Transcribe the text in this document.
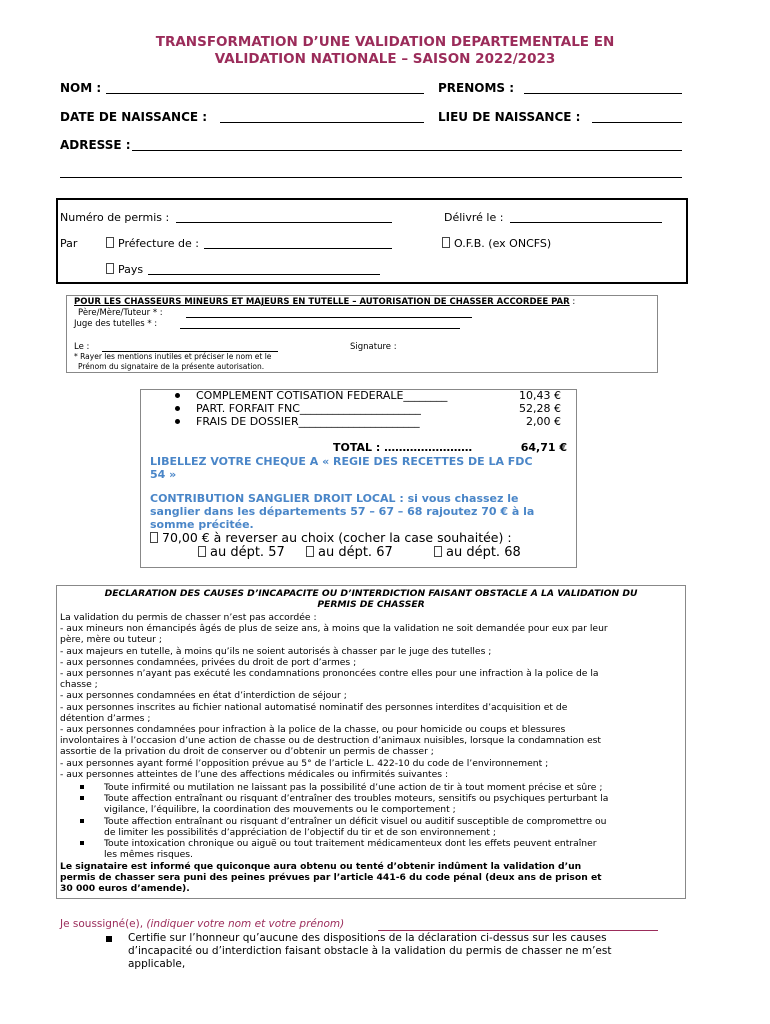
TRANSFORMATION D’UNE VALIDATION DEPARTEMENTALE EN
VALIDATION NATIONALE – SAISON 2022/2023
NOM :	PRENOMS :
DATE DE NAISSANCE :	LIEU DE NAISSANCE :
ADRESSE :
Numéro de permis :	Délivré le :
Par	Préfecture de :	O.F.B. (ex ONCFS)
Pays
POUR LES CHASSEURS MINEURS ET MAJEURS EN TUTELLE – AUTORISATION DE CHASSER ACCORDEE PAR :
Père/Mère/Tuteur * :
Juge des tutelles * :
Le :	Signature :
* Rayer les mentions inutiles et préciser le nom et le
Prénom du signataire de la présente autorisation.
COMPLEMENT COTISATION FEDERALE________	10,43 €
PART. FORFAIT FNC______________________	52,28 €
FRAIS DE DOSSIER______________________	2,00 €
TOTAL : ……………………	64,71 €
LIBELLEZ VOTRE CHEQUE A « REGIE DES RECETTES DE LA FDC
54 »
CONTRIBUTION SANGLIER DROIT LOCAL : si vous chassez le
sanglier dans les départements 57 – 67 – 68 rajoutez 70 € à la
somme précitée.
70,00 € à reverser au choix (cocher la case souhaitée) :
au dépt. 57	au dépt. 67	au dépt. 68
DECLARATION DES CAUSES D’INCAPACITE OU D’INTERDICTION FAISANT OBSTACLE A LA VALIDATION DU
PERMIS DE CHASSER

La validation du permis de chasser n’est pas accordée :

- aux mineurs non émancipés âgés de plus de seize ans, à moins que la validation ne soit demandée pour eux par leur

père, mère ou tuteur ;

- aux majeurs en tutelle, à moins qu’ils ne soient autorisés à chasser par le juge des tutelles ;

- aux personnes condamnées, privées du droit de port d’armes ;

- aux personnes n’ayant pas exécuté les condamnations prononcées contre elles pour une infraction à la police de la

chasse ;

- aux personnes condamnées en état d’interdiction de séjour ;

- aux personnes inscrites au fichier national automatisé nominatif des personnes interdites d’acquisition et de

détention d’armes ;

- aux personnes condamnées pour infraction à la police de la chasse, ou pour homicide ou coups et blessures

involontaires à l’occasion d’une action de chasse ou de destruction d’animaux nuisibles, lorsque la condamnation est

assortie de la privation du droit de conserver ou d’obtenir un permis de chasser ;

- aux personnes ayant formé l’opposition prévue au 5° de l’article L. 422-10 du code de l’environnement ;

- aux personnes atteintes de l’une des affections médicales ou infirmités suivantes :

Toute infirmité ou mutilation ne laissant pas la possibilité d’une action de tir à tout moment précise et sûre ;

Toute affection entraînant ou risquant d’entraîner des troubles moteurs, sensitifs ou psychiques perturbant la

vigilance, l’équilibre, la coordination des mouvements ou le comportement ;

Toute affection entraînant ou risquant d’entraîner un déficit visuel ou auditif susceptible de compromettre ou

de limiter les possibilités d’appréciation de l’objectif du tir et de son environnement ;

Toute intoxication chronique ou aiguë ou tout traitement médicamenteux dont les effets peuvent entraîner

les mêmes risques.

Le signataire est informé que quiconque aura obtenu ou tenté d’obtenir indûment la validation d’un

permis de chasser sera puni des peines prévues par l’article 441-6 du code pénal (deux ans de prison et

30 000 euros d’amende).

Je soussigné(e), (indiquer votre nom et votre prénom)
Certifie sur l’honneur qu’aucune des dispositions de la déclaration ci-dessus sur les causes
d’incapacité ou d’interdiction faisant obstacle à la validation du permis de chasser ne m’est
applicable,
